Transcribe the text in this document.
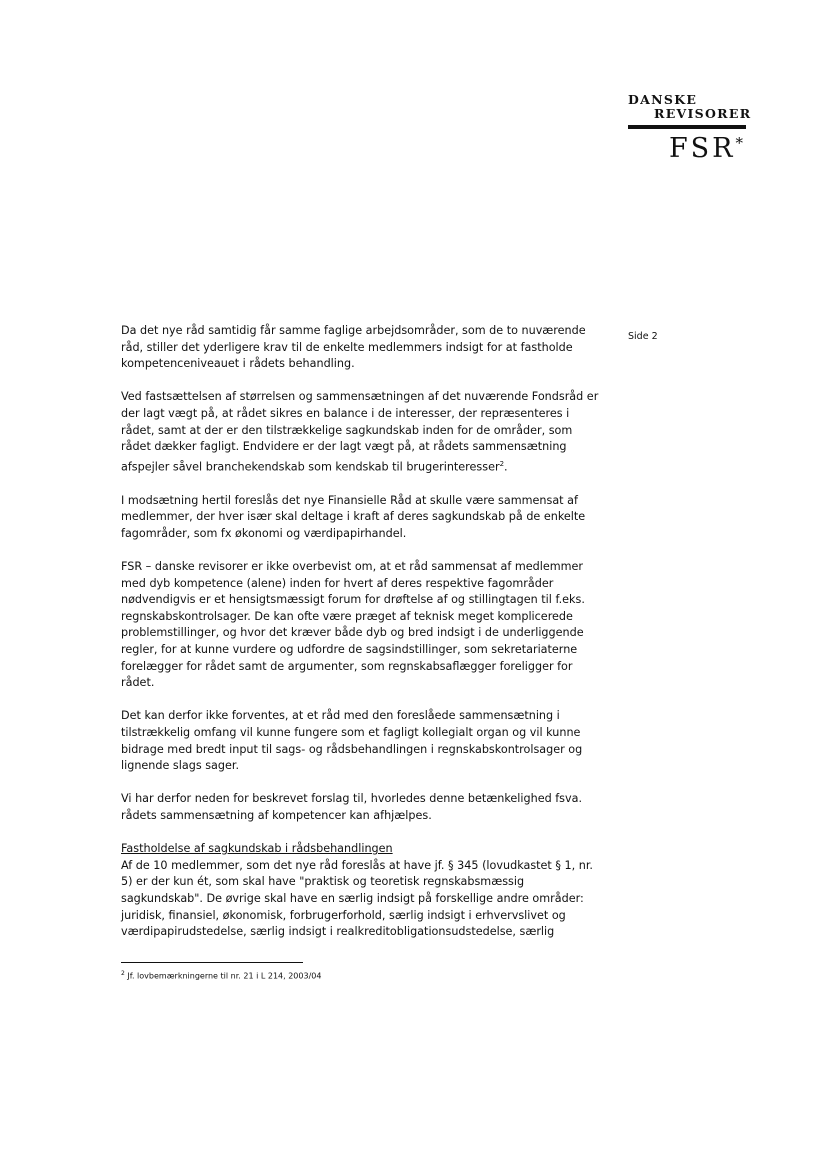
DANSKE
REVISORER
FSR*
Side 2

Da det nye råd samtidig får samme faglige arbejdsområder, som de to nuværende råd, stiller det yderligere krav til de enkelte medlemmers indsigt for at fastholde kompetenceniveauet i rådets behandling.

Ved fastsættelsen af størrelsen og sammensætningen af det nuværende Fondsråd er der lagt vægt på, at rådet sikres en balance i de interesser, der repræsenteres i rådet, samt at der er den tilstrækkelige sagkundskab inden for de områder, som rådet dækker fagligt. Endvidere er der lagt vægt på, at rådets sammensætning afspejler såvel branchekendskab som kendskab til brugerinteresser$^2$.

I modsætning hertil foreslås det nye Finansielle Råd at skulle være sammensat af medlemmer, der hver især skal deltage i kraft af deres sagkundskab på de enkelte fagområder, som fx økonomi og værdipapirhandel.

FSR – danske revisorer er ikke overbevist om, at et råd sammensat af medlemmer med dyb kompetence (alene) inden for hvert af deres respektive fagområder nødvendigvis er et hensigtsmæssigt forum for drøftelse af og stillingtagen til f.eks. regnskabskontrolsager. De kan ofte være præget af teknisk meget komplicerede problemstillinger, og hvor det kræver både dyb og bred indsigt i de underliggende regler, for at kunne vurdere og udfordre de sagsindstillinger, som sekretariaterne forelægger for rådet samt de argumenter, som regnskabsaflægger foreligger for rådet.

Det kan derfor ikke forventes, at et råd med den foreslåede sammensætning i tilstrækkelig omfang vil kunne fungere som et fagligt kollegialt organ og vil kunne bidrage med bredt input til sags- og rådsbehandlingen i regnskabskontrolsager og lignende slags sager.

Vi har derfor neden for beskrevet forslag til, hvorledes denne betænkelighed fsva. rådets sammensætning af kompetencer kan afhjælpes.

Fastholdelse af sagkundskab i rådsbehandlingen
Af de 10 medlemmer, som det nye råd foreslås at have jf. § 345 (lovudkastet § 1, nr. 5) er der kun ét, som skal have "praktisk og teoretisk regnskabsmæssig sagkundskab". De øvrige skal have en særlig indsigt på forskellige andre områder: juridisk, finansiel, økonomisk, forbrugerforhold, særlig indsigt i erhvervslivet og værdipapirudstedelse, særlig indsigt i realkreditobligationsudstedelse, særlig
$^2$ Jf. lovbemærkningerne til nr. 21 i L 214, 2003/04
